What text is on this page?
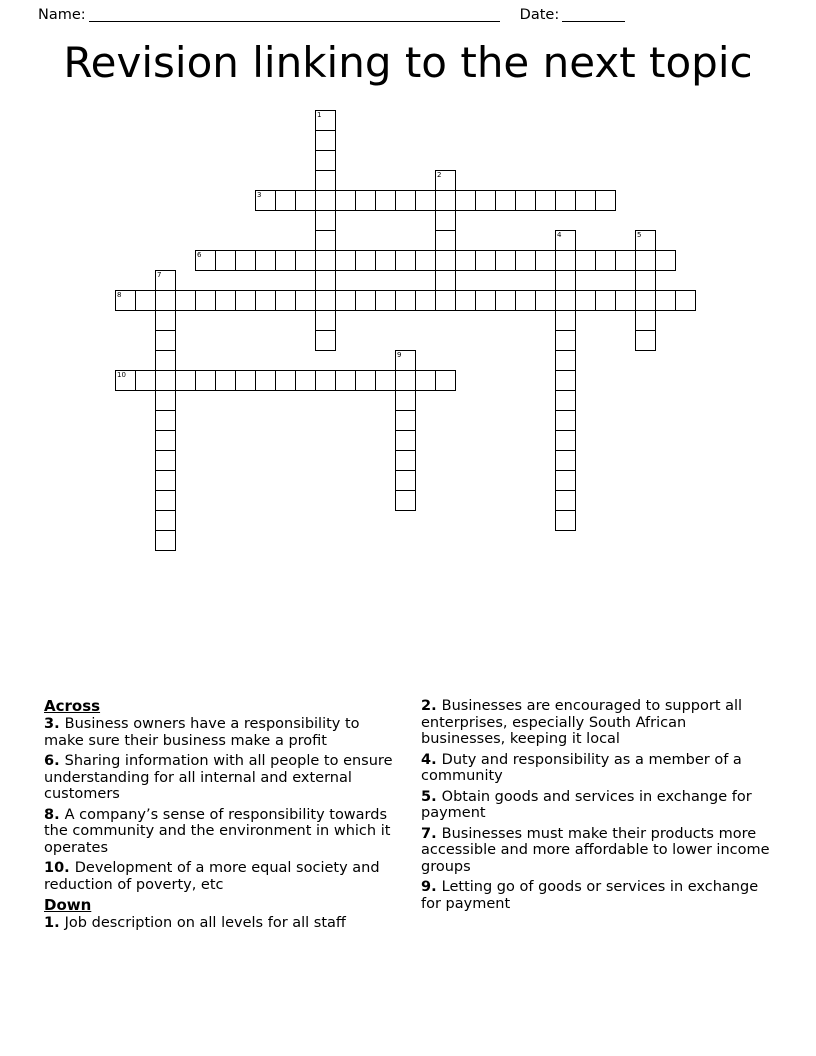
Name:	Date:
Revision linking to the next topic
1
2
3
4	5
6
7
8
9
10
Across
3. Business owners have a responsibility to make sure their business make a profit
6. Sharing information with all people to ensure understanding for all internal and external customers
8. A company’s sense of responsibility towards the community and the environment in which it operates
10. Development of a more equal society and reduction of poverty, etc
Down
1. Job description on all levels for all staff
2. Businesses are encouraged to support all enterprises, especially South African businesses, keeping it local
4. Duty and responsibility as a member of a community
5. Obtain goods and services in exchange for payment
7. Businesses must make their products more accessible and more affordable to lower income groups
9. Letting go of goods or services in exchange for payment
